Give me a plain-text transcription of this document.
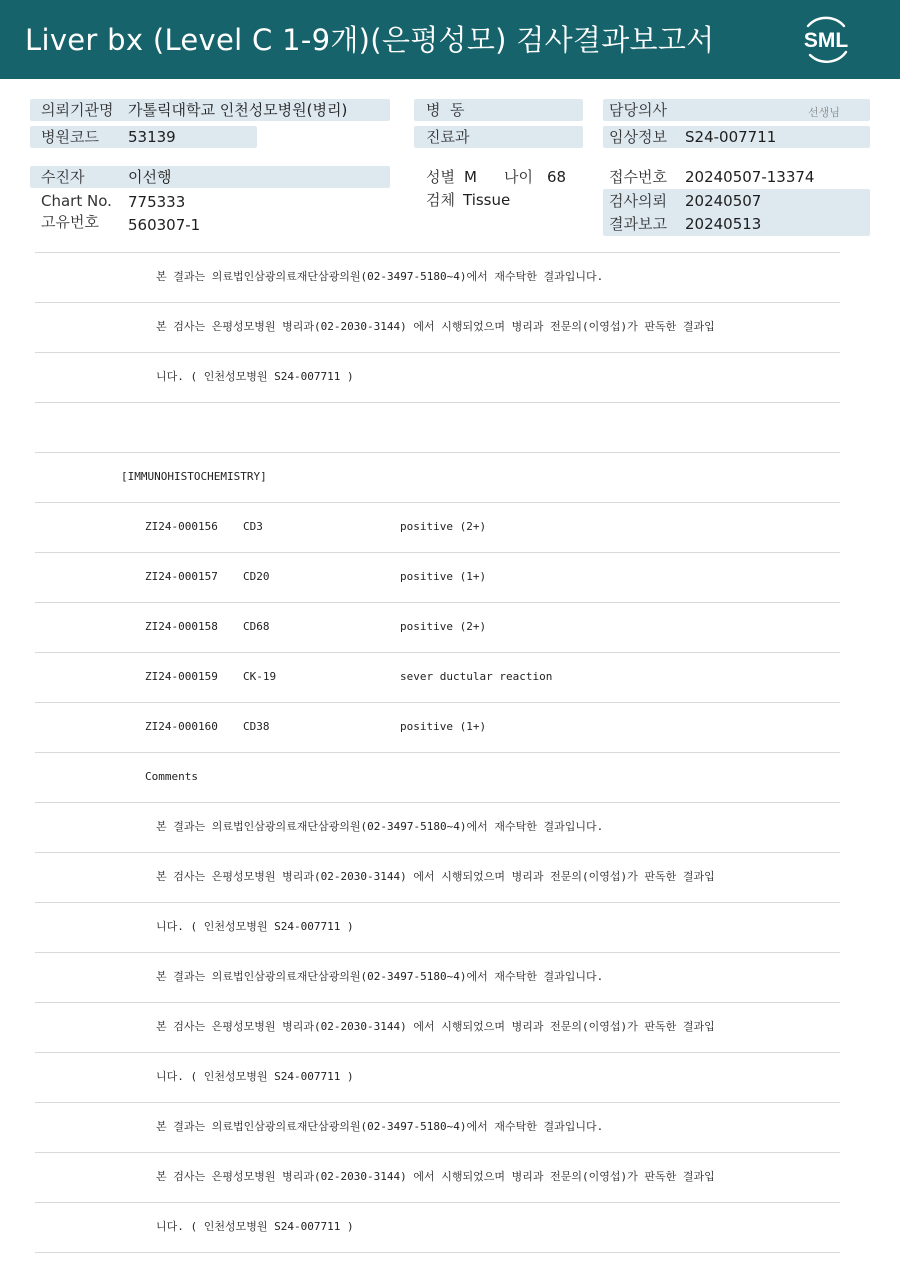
Liver bx (Level C 1-9개)(은평성모) 검사결과보고서	SML
의뢰기관명 가톨릭대학교 인천성모병원(병리)
병원코드 53139
병  동
진료과
담당의사	선생님
임상정보 S24-007711
수진자	이선행
Chart No. 775333
고유번호 560307-1
성별 M 나이 68
검체 Tissue
접수번호 20240507-13374
검사의뢰 20240507
결과보고 20240513
본 결과는 의료법인삼광의료재단삼광의원(02-3497-5180~4)에서 재수탁한 결과입니다.
본 검사는 은평성모병원 병리과(02-2030-3144) 에서 시행되었으며 병리과 전문의(이영섭)가 판독한 결과입
니다. ( 인천성모병원 S24-007711 )
[IMMUNOHISTOCHEMISTRY]
ZI24-000156 CD3	positive (2+)
ZI24-000157 CD20	positive (1+)
ZI24-000158 CD68	positive (2+)
ZI24-000159 CK-19	sever ductular reaction
ZI24-000160 CD38	positive (1+)
Comments
본 결과는 의료법인삼광의료재단삼광의원(02-3497-5180~4)에서 재수탁한 결과입니다.
본 검사는 은평성모병원 병리과(02-2030-3144) 에서 시행되었으며 병리과 전문의(이영섭)가 판독한 결과입
니다. ( 인천성모병원 S24-007711 )
본 결과는 의료법인삼광의료재단삼광의원(02-3497-5180~4)에서 재수탁한 결과입니다.
본 검사는 은평성모병원 병리과(02-2030-3144) 에서 시행되었으며 병리과 전문의(이영섭)가 판독한 결과입
니다. ( 인천성모병원 S24-007711 )
본 결과는 의료법인삼광의료재단삼광의원(02-3497-5180~4)에서 재수탁한 결과입니다.
본 검사는 은평성모병원 병리과(02-2030-3144) 에서 시행되었으며 병리과 전문의(이영섭)가 판독한 결과입
니다. ( 인천성모병원 S24-007711 )
